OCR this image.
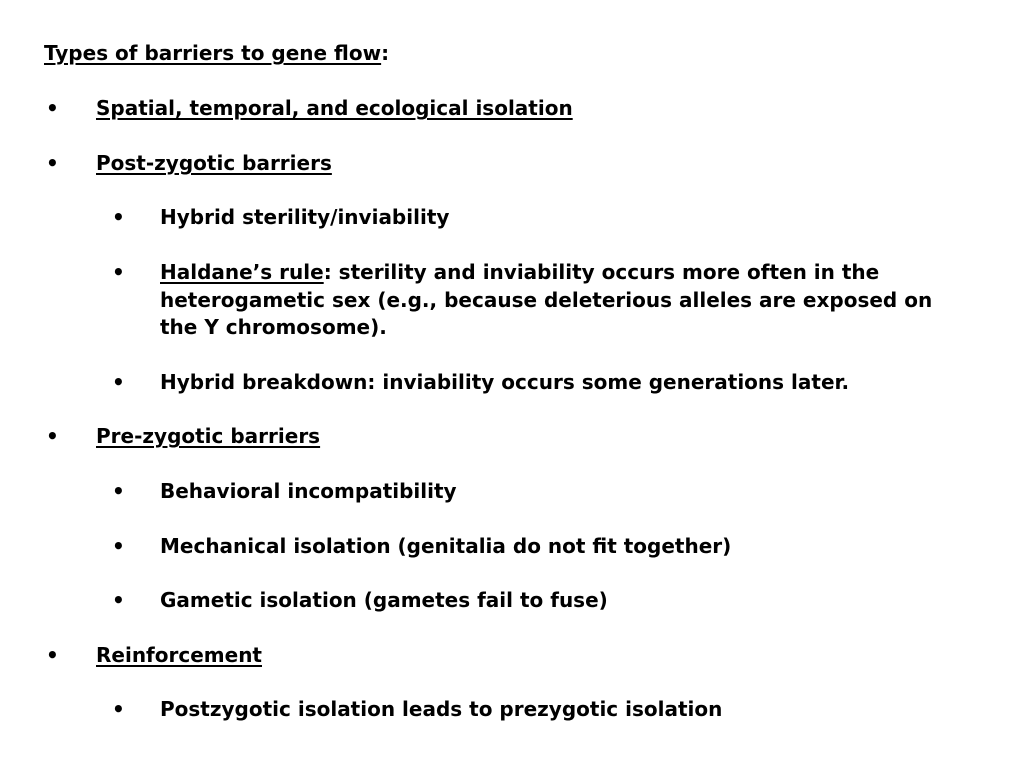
Types of barriers to gene flow:
• Spatial, temporal, and ecological isolation
• Post-zygotic barriers
• Hybrid sterility/inviability
• Haldane’s rule: sterility and inviability occurs more often in the heterogametic sex (e.g., because deleterious alleles are exposed on the Y chromosome).
• Hybrid breakdown: inviability occurs some generations later.
• Pre-zygotic barriers
• Behavioral incompatibility
• Mechanical isolation (genitalia do not fit together)
• Gametic isolation (gametes fail to fuse)
• Reinforcement
• Postzygotic isolation leads to prezygotic isolation
